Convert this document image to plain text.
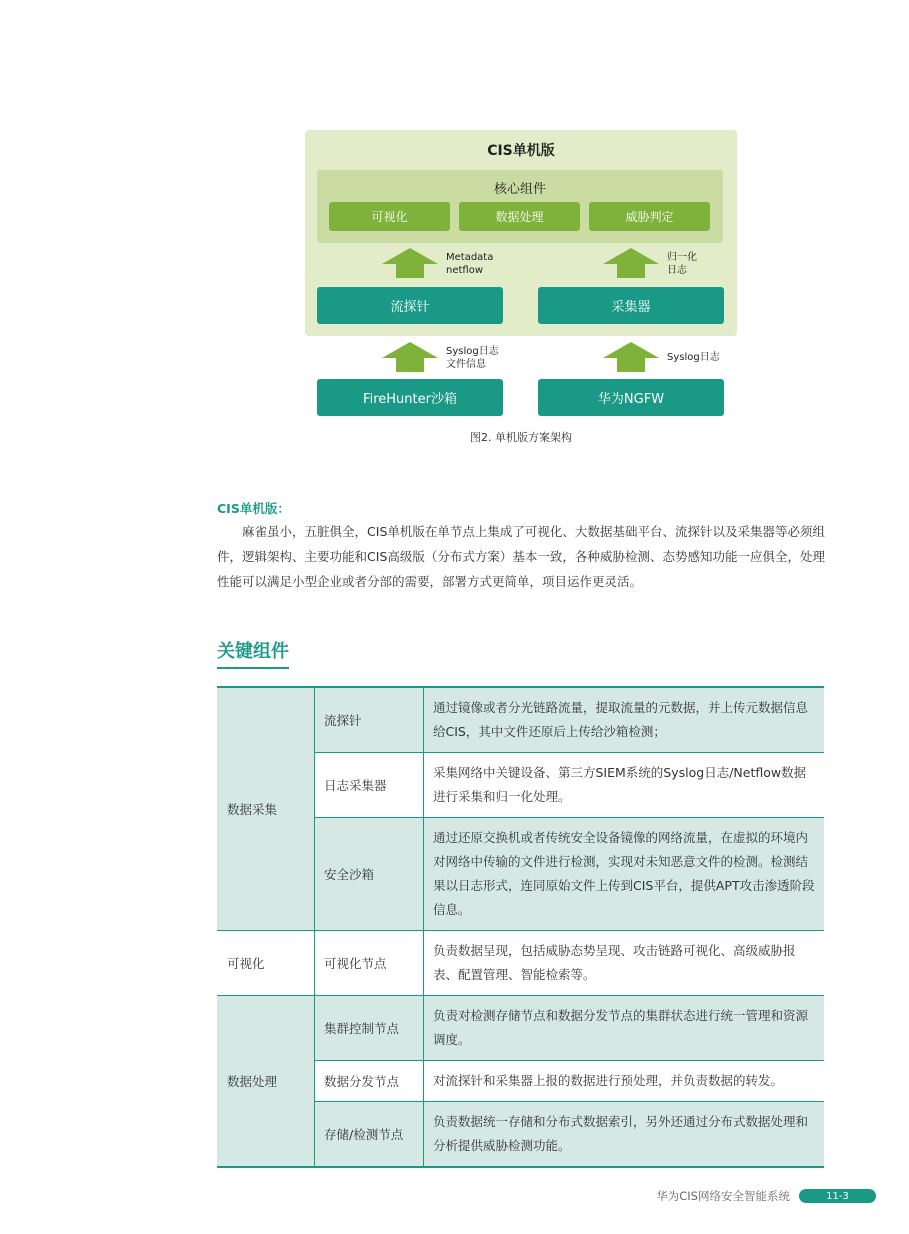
CIS单机版
核心组件
可视化	数据处理	威胁判定
Metadata
netflow
归一化
日志
流探针	采集器
Syslog日志
文件信息
Syslog日志
FireHunter沙箱	华为NGFW
图2. 单机版方案架构
CIS单机版：

麻雀虽小，五脏俱全，CIS单机版在单节点上集成了可视化、大数据基础平台、流探针以及采集器等必须组件，逻辑架构、主要功能和CIS高级版（分布式方案）基本一致，各种威胁检测、态势感知功能一应俱全，处理性能可以满足小型企业或者分部的需要，部署方式更简单，项目运作更灵活。

关键组件
数据采集	流探针	通过镜像或者分光链路流量，提取流量的元数据，并上传元数据信息给CIS，其中文件还原后上传给沙箱检测；
	日志采集器	采集网络中关键设备、第三方SIEM系统的Syslog日志/Netflow数据进行采集和归一化处理。
	安全沙箱	通过还原交换机或者传统安全设备镜像的网络流量，在虚拟的环境内对网络中传输的文件进行检测，实现对未知恶意文件的检测。检测结果以日志形式，连同原始文件上传到CIS平台，提供APT攻击渗透阶段信息。
可视化	可视化节点	负责数据呈现，包括威胁态势呈现、攻击链路可视化、高级威胁报表、配置管理、智能检索等。
数据处理	集群控制节点	负责对检测存储节点和数据分发节点的集群状态进行统一管理和资源调度。
	数据分发节点	对流探针和采集器上报的数据进行预处理，并负责数据的转发。
	存储/检测节点	负责数据统一存储和分布式数据索引，另外还通过分布式数据处理和分析提供威胁检测功能。
华为CIS网络安全智能系统	11-3
